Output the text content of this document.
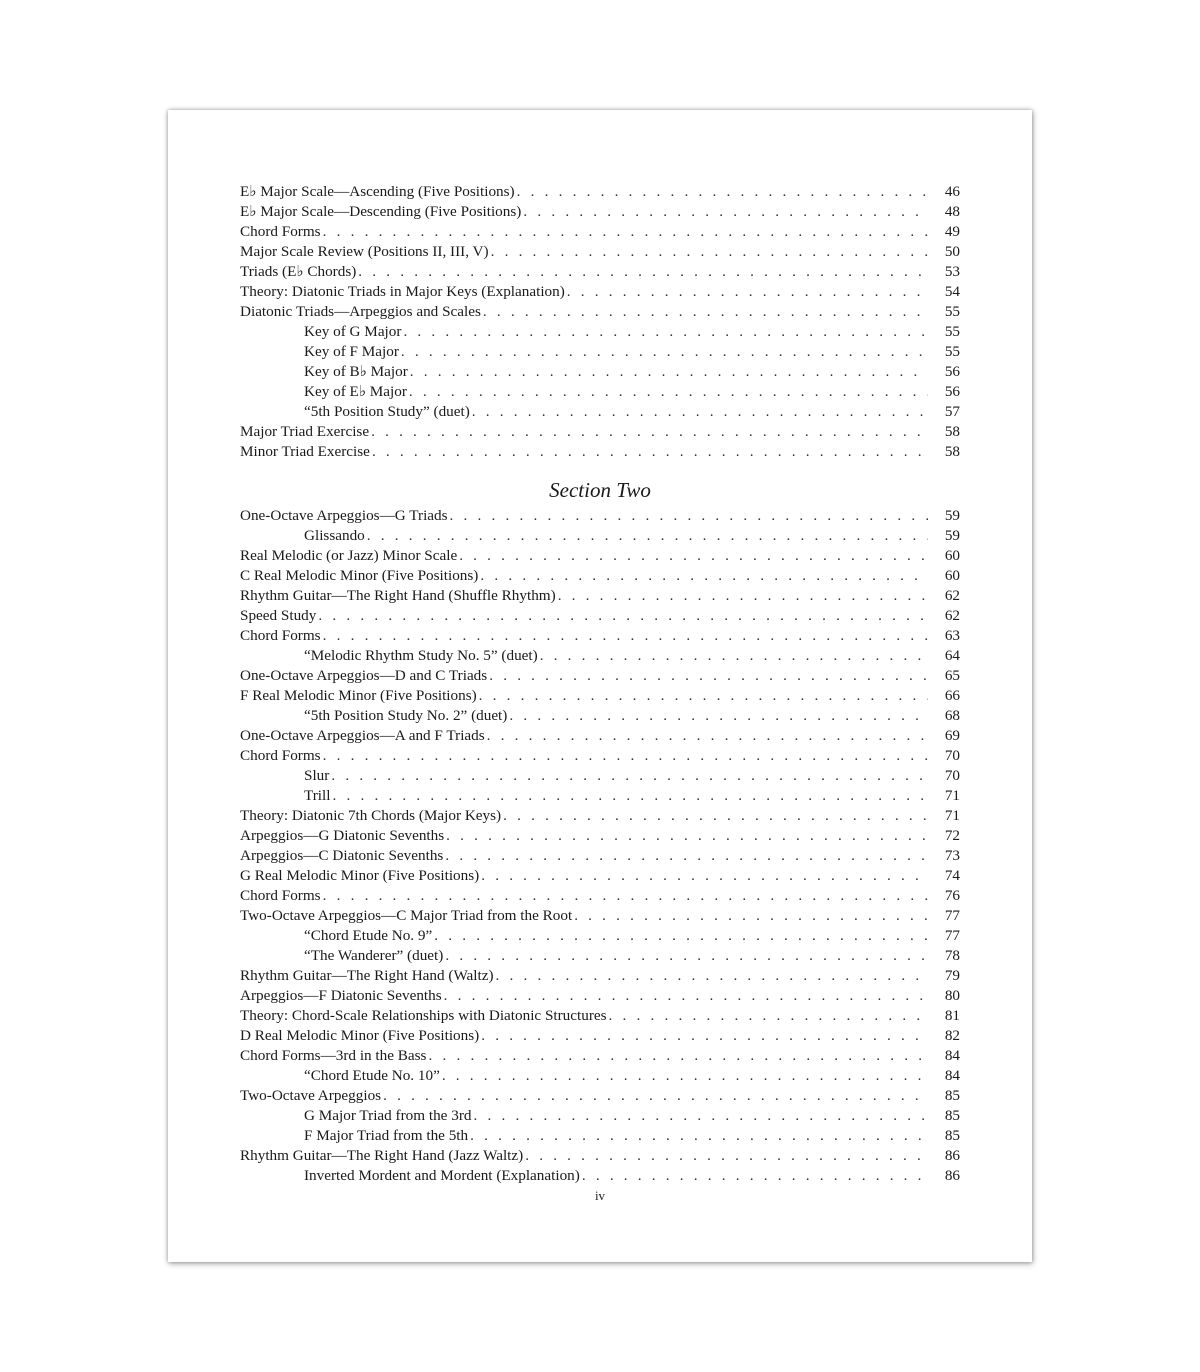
E♭ Major Scale—Ascending (Five Positions) . . .	46
E♭ Major Scale—Descending (Five Positions) . . .	48
Chord Forms . . .	49
Major Scale Review (Positions II, III, V) . . .	50
Triads (E♭ Chords) . . .	53
Theory: Diatonic Triads in Major Keys (Explanation) . . .	54
Diatonic Triads—Arpeggios and Scales . . .	55
Key of G Major . . .	55
Key of F Major . . .	55
Key of B♭ Major . . .	56
Key of E♭ Major . . .	56
“5th Position Study” (duet) . . .	57
Major Triad Exercise . . .	58
Minor Triad Exercise . . .	58
Section Two
One-Octave Arpeggios—G Triads . . .	59
Glissando . . .	59
Real Melodic (or Jazz) Minor Scale . . .	60
C Real Melodic Minor (Five Positions) . . .	60
Rhythm Guitar—The Right Hand (Shuffle Rhythm) . . .	62
Speed Study . . .	62
Chord Forms . . .	63
“Melodic Rhythm Study No. 5” (duet) . . .	64
One-Octave Arpeggios—D and C Triads . . .	65
F Real Melodic Minor (Five Positions) . . .	66
“5th Position Study No. 2” (duet) . . .	68
One-Octave Arpeggios—A and F Triads . . .	69
Chord Forms . . .	70
Slur . . .	70
Trill . . .	71
Theory: Diatonic 7th Chords (Major Keys) . . .	71
Arpeggios—G Diatonic Sevenths . . .	72
Arpeggios—C Diatonic Sevenths . . .	73
G Real Melodic Minor (Five Positions) . . .	74
Chord Forms . . .	76
Two-Octave Arpeggios—C Major Triad from the Root . . .	77
“Chord Etude No. 9” . . .	77
“The Wanderer” (duet) . . .	78
Rhythm Guitar—The Right Hand (Waltz) . . .	79
Arpeggios—F Diatonic Sevenths . . .	80
Theory: Chord-Scale Relationships with Diatonic Structures . . .	81
D Real Melodic Minor (Five Positions) . . .	82
Chord Forms—3rd in the Bass . . .	84
“Chord Etude No. 10” . . .	84
Two-Octave Arpeggios . . .	85
G Major Triad from the 3rd . . .	85
F Major Triad from the 5th . . .	85
Rhythm Guitar—The Right Hand (Jazz Waltz) . . .	86
Inverted Mordent and Mordent (Explanation) . . .	86
iv
